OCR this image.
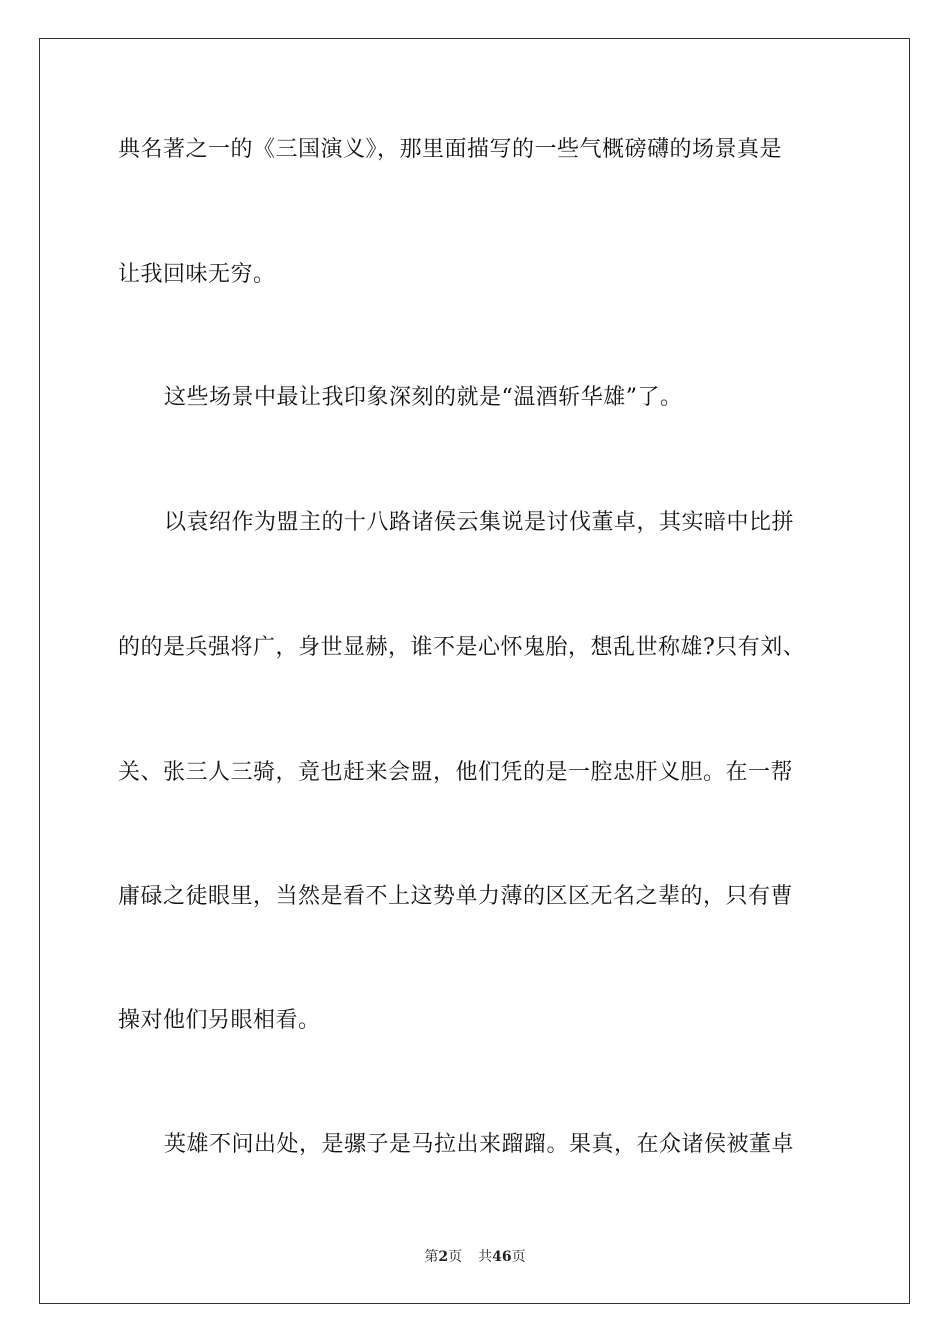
典名著之一的《三国演义》，那里面描写的一些气概磅礴的场景真是
让我回味无穷。
这些场景中最让我印象深刻的就是“温酒斩华雄”了。
以袁绍作为盟主的十八路诸侯云集说是讨伐董卓，其实暗中比拼
的的是兵强将广，身世显赫，谁不是心怀鬼胎，想乱世称雄?只有刘、
关、张三人三骑，竟也赶来会盟，他们凭的是一腔忠肝义胆。在一帮
庸碌之徒眼里，当然是看不上这势单力薄的区区无名之辈的，只有曹
操对他们另眼相看。
英雄不问出处，是骡子是马拉出来蹓蹓。果真，在众诸侯被董卓
第2页 共46页
